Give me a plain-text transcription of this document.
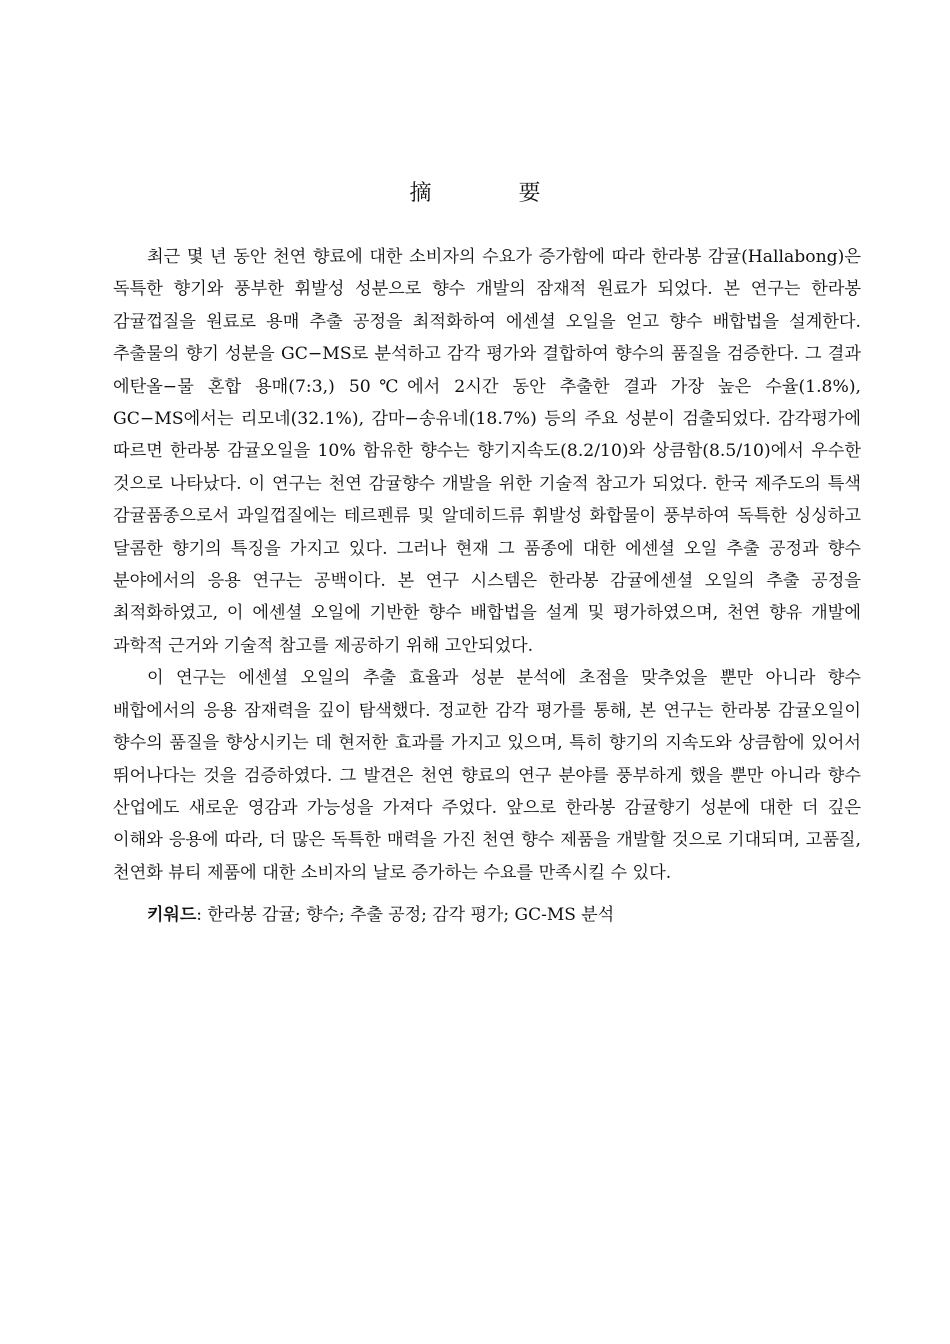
摘 要

최근 몇 년 동안 천연 향료에 대한 소비자의 수요가 증가함에 따라 한라봉 감귤(Hallabong)은 독특한 향기와 풍부한 휘발성 성분으로 향수 개발의 잠재적 원료가 되었다. 본 연구는 한라봉 감귤껍질을 원료로 용매 추출 공정을 최적화하여 에센셜 오일을 얻고 향수 배합법을 설계한다. 추출물의 향기 성분을 GC−MS로 분석하고 감각 평가와 결합하여 향수의 품질을 검증한다. 그 결과 에탄올−물 혼합 용매(7:3,) 50℃에서 2시간 동안 추출한 결과 가장 높은 수율(1.8%), GC−MS에서는 리모네(32.1%), 감마−송유네(18.7%) 등의 주요 성분이 검출되었다. 감각평가에 따르면 한라봉 감귤오일을 10% 함유한 향수는 향기지속도(8.2/10)와 상큼함(8.5/10)에서 우수한 것으로 나타났다. 이 연구는 천연 감귤향수 개발을 위한 기술적 참고가 되었다. 한국 제주도의 특색 감귤품종으로서 과일껍질에는 테르펜류 및 알데히드류 휘발성 화합물이 풍부하여 독특한 싱싱하고 달콤한 향기의 특징을 가지고 있다. 그러나 현재 그 품종에 대한 에센셜 오일 추출 공정과 향수 분야에서의 응용 연구는 공백이다. 본 연구 시스템은 한라봉 감귤에센셜 오일의 추출 공정을 최적화하였고, 이 에센셜 오일에 기반한 향수 배합법을 설계 및 평가하였으며, 천연 향유 개발에 과학적 근거와 기술적 참고를 제공하기 위해 고안되었다.

이 연구는 에센셜 오일의 추출 효율과 성분 분석에 초점을 맞추었을 뿐만 아니라 향수 배합에서의 응용 잠재력을 깊이 탐색했다. 정교한 감각 평가를 통해, 본 연구는 한라봉 감귤오일이 향수의 품질을 향상시키는 데 현저한 효과를 가지고 있으며, 특히 향기의 지속도와 상큼함에 있어서 뛰어나다는 것을 검증하였다. 그 발견은 천연 향료의 연구 분야를 풍부하게 했을 뿐만 아니라 향수 산업에도 새로운 영감과 가능성을 가져다 주었다. 앞으로 한라봉 감귤향기 성분에 대한 더 깊은 이해와 응용에 따라, 더 많은 독특한 매력을 가진 천연 향수 제품을 개발할 것으로 기대되며, 고품질, 천연화 뷰티 제품에 대한 소비자의 날로 증가하는 수요를 만족시킬 수 있다.

키워드: 한라봉 감귤; 향수; 추출 공정; 감각 평가; GC-MS 분석
